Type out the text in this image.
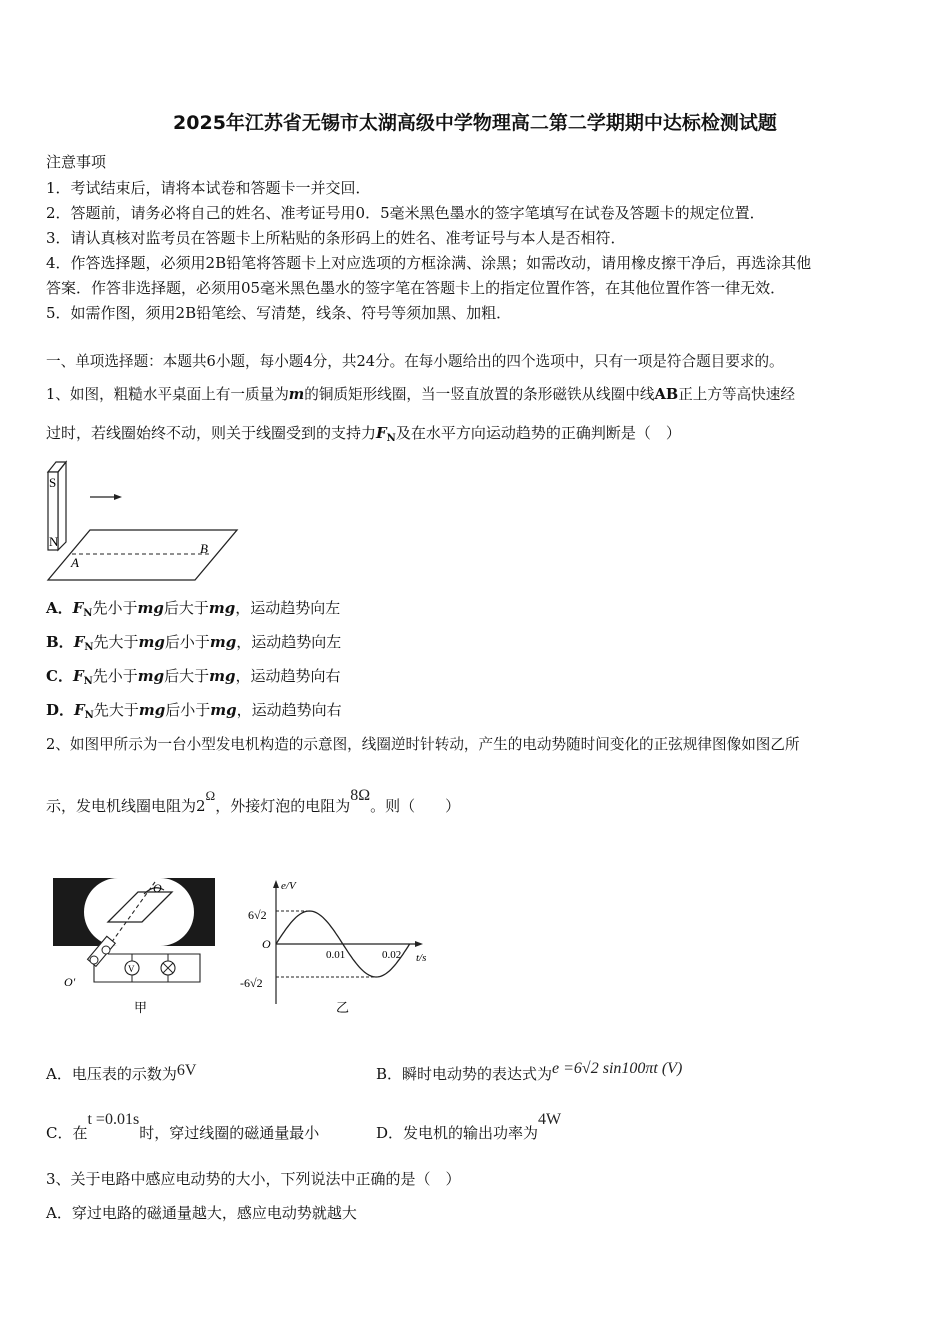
2025年江苏省无锡市太湖高级中学物理高二第二学期期中达标检测试题
注意事项
1．考试结束后，请将本试卷和答题卡一并交回．
2．答题前，请务必将自己的姓名、准考证号用0．5毫米黑色墨水的签字笔填写在试卷及答题卡的规定位置．
3．请认真核对监考员在答题卡上所粘贴的条形码上的姓名、准考证号与本人是否相符．
4．作答选择题，必须用2B铅笔将答题卡上对应选项的方框涂满、涂黑；如需改动，请用橡皮擦干净后，再选涂其他
答案．作答非选择题，必须用05毫米黑色墨水的签字笔在答题卡上的指定位置作答，在其他位置作答一律无效．
5．如需作图，须用2B铅笔绘、写清楚，线条、符号等须加黑、加粗．
一、单项选择题：本题共6小题，每小题4分，共24分。在每小题给出的四个选项中，只有一项是符合题目要求的。
1、如图，粗糙水平桌面上有一质量为m的铜质矩形线圈，当一竖直放置的条形磁铁从线圈中线AB正上方等高快速经
过时，若线圈始终不动，则关于线圈受到的支持力$F_N$及在水平方向运动趋势的正确判断是（　）
S
N
A
B
A．$F_N$先小于mg后大于mg，运动趋势向左
B．$F_N$先大于mg后小于mg，运动趋势向左
C．$F_N$先小于mg后大于mg，运动趋势向右
D．$F_N$先大于mg后小于mg，运动趋势向右
2、如图甲所示为一台小型发电机构造的示意图，线圈逆时针转动，产生的电动势随时间变化的正弦规律图像如图乙所
示，发电机线圈电阻为2Ω，外接灯泡的电阻为8Ω。则（　　）
O
V
O'
甲
e/V
t/s
O
6√2
-6√2
0.01	0.02
乙
A．电压表的示数为6V	B．瞬时电动势的表达式为e =6√2 sin100πt (V)
C．在t =0.01s时，穿过线圈的磁通量最小	D．发电机的输出功率为4W
3、关于电路中感应电动势的大小，下列说法中正确的是（　）
A．穿过电路的磁通量越大，感应电动势就越大
